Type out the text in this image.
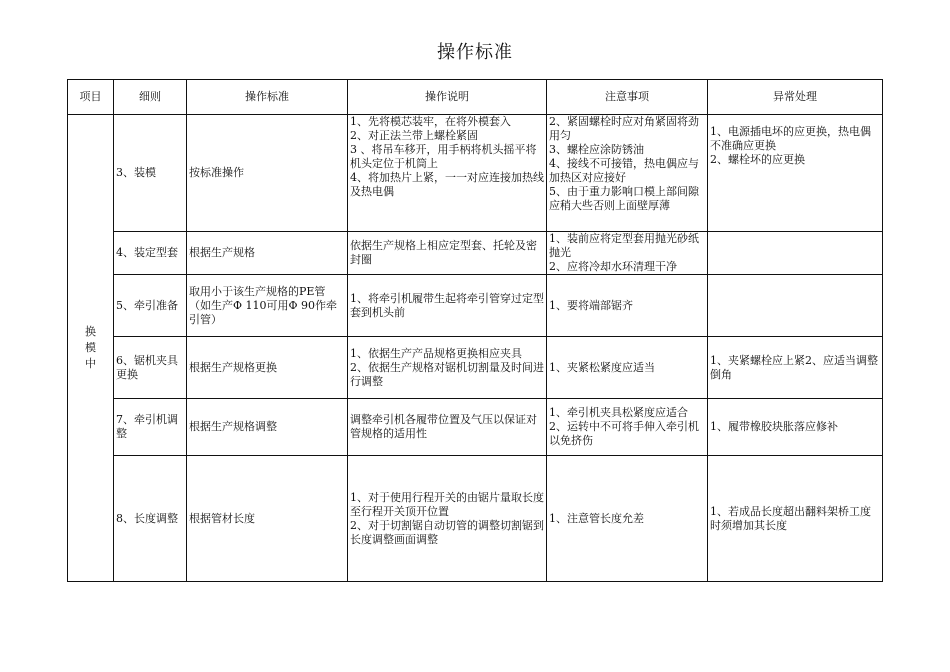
操作标准
项目	细则	操作标准	操作说明	注意事项	异常处理

换
模
中	3、装模	按标准操作	1、先将模芯装牢，在将外模套入
2、对正法兰带上螺栓紧固
3 、将吊车移开，用手柄将机头摇平将机头定位于机筒上
4、将加热片上紧，一一对应连接加热线及热电偶	2、紧固螺栓时应对角紧固将劲用匀
3、螺栓应涂防锈油
4、接线不可接错，热电偶应与加热区对应接好
5、由于重力影响口模上部间隙应稍大些否则上面壁厚薄	1、电源插电坏的应更换，热电偶不准确应更换
2、螺栓坏的应更换
	4、装定型套	根据生产规格	依据生产规格上相应定型套、托轮及密封圈	1、装前应将定型套用抛光砂纸抛光
2、应将冷却水环清理干净	
	5、牵引准备	取用小于该生产规格的PE管（如生产Φ 110可用Φ 90作牵引管）	1、将牵引机履带生起将牵引管穿过定型套到机头前	1、要将端部锯齐	
	6、锯机夹具更换	根据生产规格更换	1、依据生产产品规格更换相应夹具
2、依据生产规格对锯机切割量及时间进行调整	1、夹紧松紧度应适当	1、夹紧螺栓应上紧2、应适当调整倒角
	7、牵引机调整	根据生产规格调整	调整牵引机各履带位置及气压以保证对管规格的适用性	1、牵引机夹具松紧度应适合
2、运转中不可将手伸入牵引机以免挤伤	1、履带橡胶块胀落应修补
	8、长度调整	根据管材长度	1、对于使用行程开关的由锯片量取长度至行程开关顶开位置
2、对于切割锯自动切管的调整切割锯到长度调整画面调整	1、注意管长度允差	1、若成品长度超出翻料架桥工度时须增加其长度
